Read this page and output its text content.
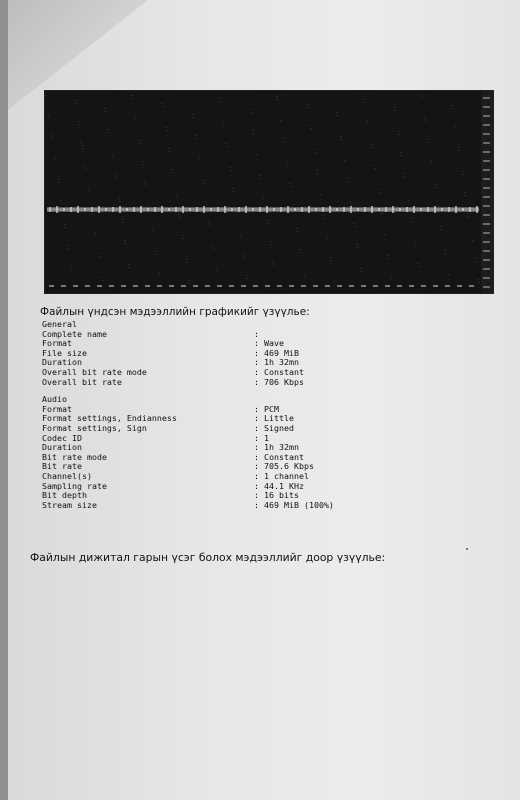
Файлын үндсэн мэдээллийн графикийг үзүүлье:
General
Complete name	:
Format	: Wave
File size	: 469 MiB
Duration	: 1h 32mn
Overall bit rate mode	: Constant
Overall bit rate	: 706 Kbps
Audio
Format	: PCM
Format settings, Endianness	: Little
Format settings, Sign	: Signed
Codec ID	: 1
Duration	: 1h 32mn
Bit rate mode	: Constant
Bit rate	: 705.6 Kbps
Channel(s)	: 1 channel
Sampling rate	: 44.1 KHz
Bit depth	: 16 bits
Stream size	: 469 MiB (100%)
Файлын дижитал гарын үсэг болох мэдээллийг доор үзүүлье:
